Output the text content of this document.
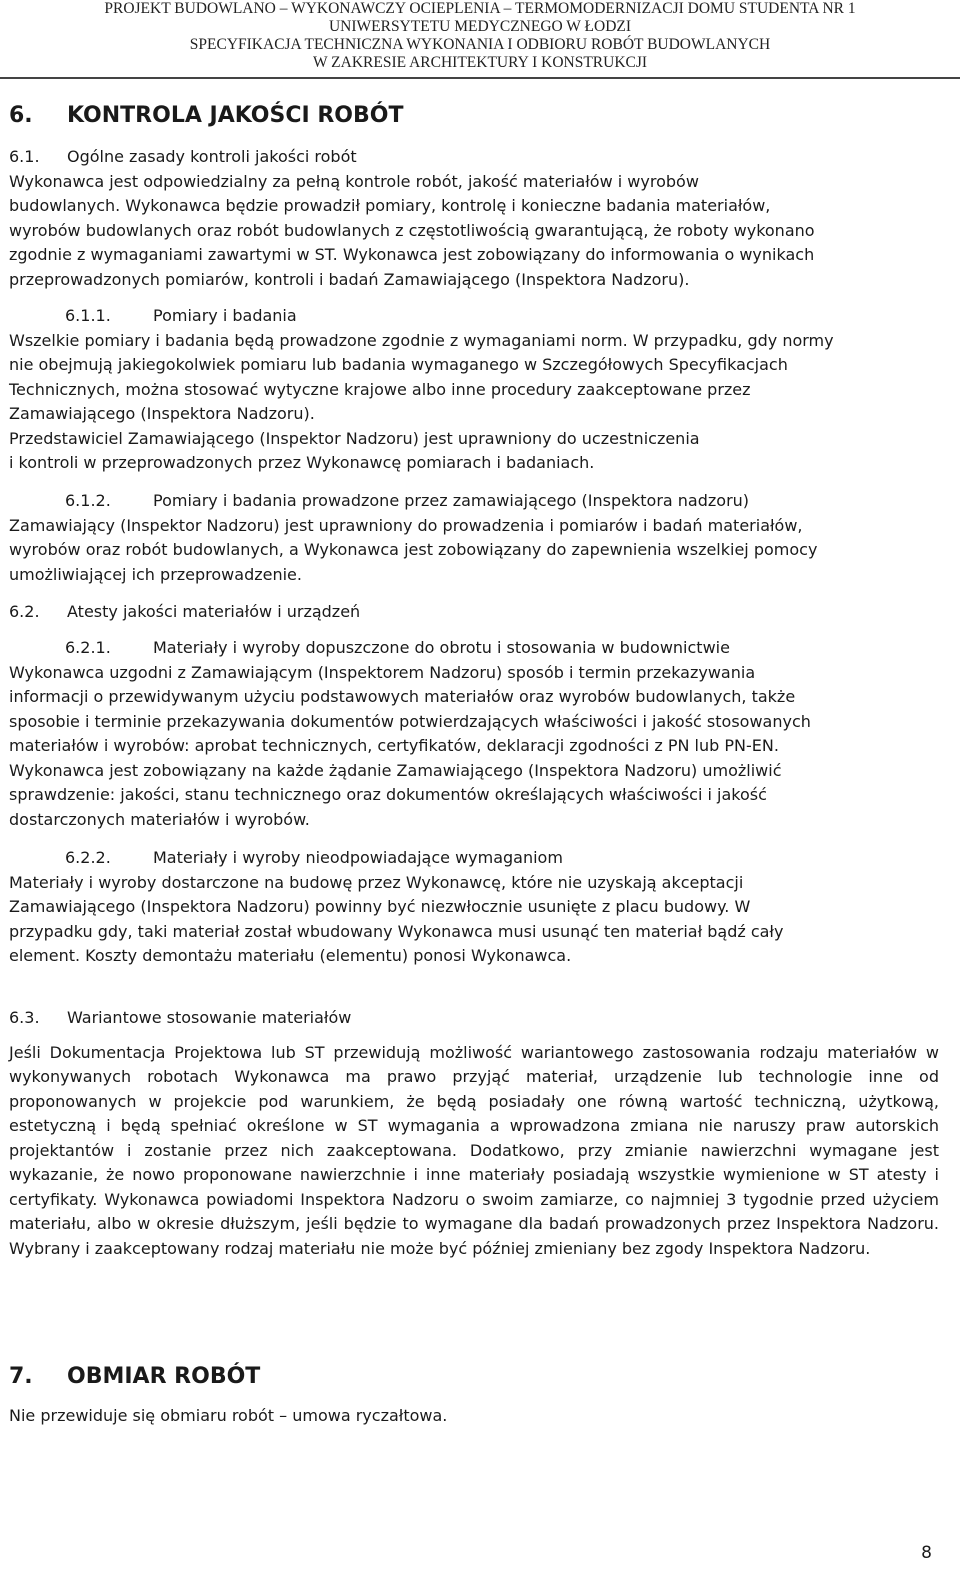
PROJEKT BUDOWLANO – WYKONAWCZY OCIEPLENIA – TERMOMODERNIZACJI DOMU STUDENTA NR 1
UNIWERSYTETU MEDYCZNEGO W ŁODZI
SPECYFIKACJA TECHNICZNA WYKONANIA I ODBIORU ROBÓT BUDOWLANYCH
W ZAKRESIE ARCHITEKTURY I KONSTRUKCJI
6. KONTROLA JAKOŚCI ROBÓT
6.1. Ogólne zasady kontroli jakości robót
Wykonawca jest odpowiedzialny za pełną kontrole robót, jakość materiałów i wyrobów
budowlanych. Wykonawca będzie prowadził pomiary, kontrolę i konieczne badania materiałów,
wyrobów budowlanych oraz robót budowlanych z częstotliwością gwarantującą, że roboty wykonano
zgodnie z wymaganiami zawartymi w ST. Wykonawca jest zobowiązany do informowania o wynikach
przeprowadzonych pomiarów, kontroli i badań Zamawiającego (Inspektora Nadzoru).
6.1.1.	Pomiary i badania
Wszelkie pomiary i badania będą prowadzone zgodnie z wymaganiami norm. W przypadku, gdy normy
nie obejmują jakiegokolwiek pomiaru lub badania wymaganego w Szczegółowych Specyfikacjach
Technicznych, można stosować wytyczne krajowe albo inne procedury zaakceptowane przez
Zamawiającego (Inspektora Nadzoru).
Przedstawiciel Zamawiającego (Inspektor Nadzoru) jest uprawniony do uczestniczenia
i kontroli w przeprowadzonych przez Wykonawcę pomiarach i badaniach.
6.1.2.	Pomiary i badania prowadzone przez zamawiającego (Inspektora nadzoru)
Zamawiający (Inspektor Nadzoru) jest uprawniony do prowadzenia i pomiarów i badań materiałów,
wyrobów oraz robót budowlanych, a Wykonawca jest zobowiązany do zapewnienia wszelkiej pomocy
umożliwiającej ich przeprowadzenie.
6.2. Atesty jakości materiałów i urządzeń
6.2.1.	Materiały i wyroby dopuszczone do obrotu i stosowania w budownictwie
Wykonawca uzgodni z Zamawiającym (Inspektorem Nadzoru) sposób i termin przekazywania
informacji o przewidywanym użyciu podstawowych materiałów oraz wyrobów budowlanych, także
sposobie i terminie przekazywania dokumentów potwierdzających właściwości i jakość stosowanych
materiałów i wyrobów: aprobat technicznych, certyfikatów, deklaracji zgodności z PN lub PN-EN.
Wykonawca jest zobowiązany na każde żądanie Zamawiającego (Inspektora Nadzoru) umożliwić
sprawdzenie: jakości, stanu technicznego oraz dokumentów określających właściwości i jakość
dostarczonych materiałów i wyrobów.
6.2.2.	Materiały i wyroby nieodpowiadające wymaganiom
Materiały i wyroby dostarczone na budowę przez Wykonawcę, które nie uzyskają akceptacji
Zamawiającego (Inspektora Nadzoru) powinny być niezwłocznie usunięte z placu budowy. W
przypadku gdy, taki materiał został wbudowany Wykonawca musi usunąć ten materiał bądź cały
element. Koszty demontażu materiału (elementu) ponosi Wykonawca.
6.3. Wariantowe stosowanie materiałów
Jeśli Dokumentacja Projektowa lub ST przewidują możliwość wariantowego zastosowania rodzaju materiałów w wykonywanych robotach Wykonawca ma prawo przyjąć materiał, urządzenie lub technologie inne od proponowanych w projekcie pod warunkiem, że będą posiadały one równą wartość techniczną, użytkową, estetyczną i będą spełniać określone w ST wymagania a wprowadzona zmiana nie naruszy praw autorskich projektantów i zostanie przez nich zaakceptowana. Dodatkowo, przy zmianie nawierzchni wymagane jest wykazanie, że nowo proponowane nawierzchnie i inne materiały posiadają wszystkie wymienione w ST atesty i certyfikaty. Wykonawca powiadomi Inspektora Nadzoru o swoim zamiarze, co najmniej 3 tygodnie przed użyciem materiału, albo w okresie dłuższym, jeśli będzie to wymagane dla badań prowadzonych przez Inspektora Nadzoru. Wybrany i zaakceptowany rodzaj materiału nie może być później zmieniany bez zgody Inspektora Nadzoru.
7. OBMIAR ROBÓT
Nie przewiduje się obmiaru robót – umowa ryczałtowa.
8
